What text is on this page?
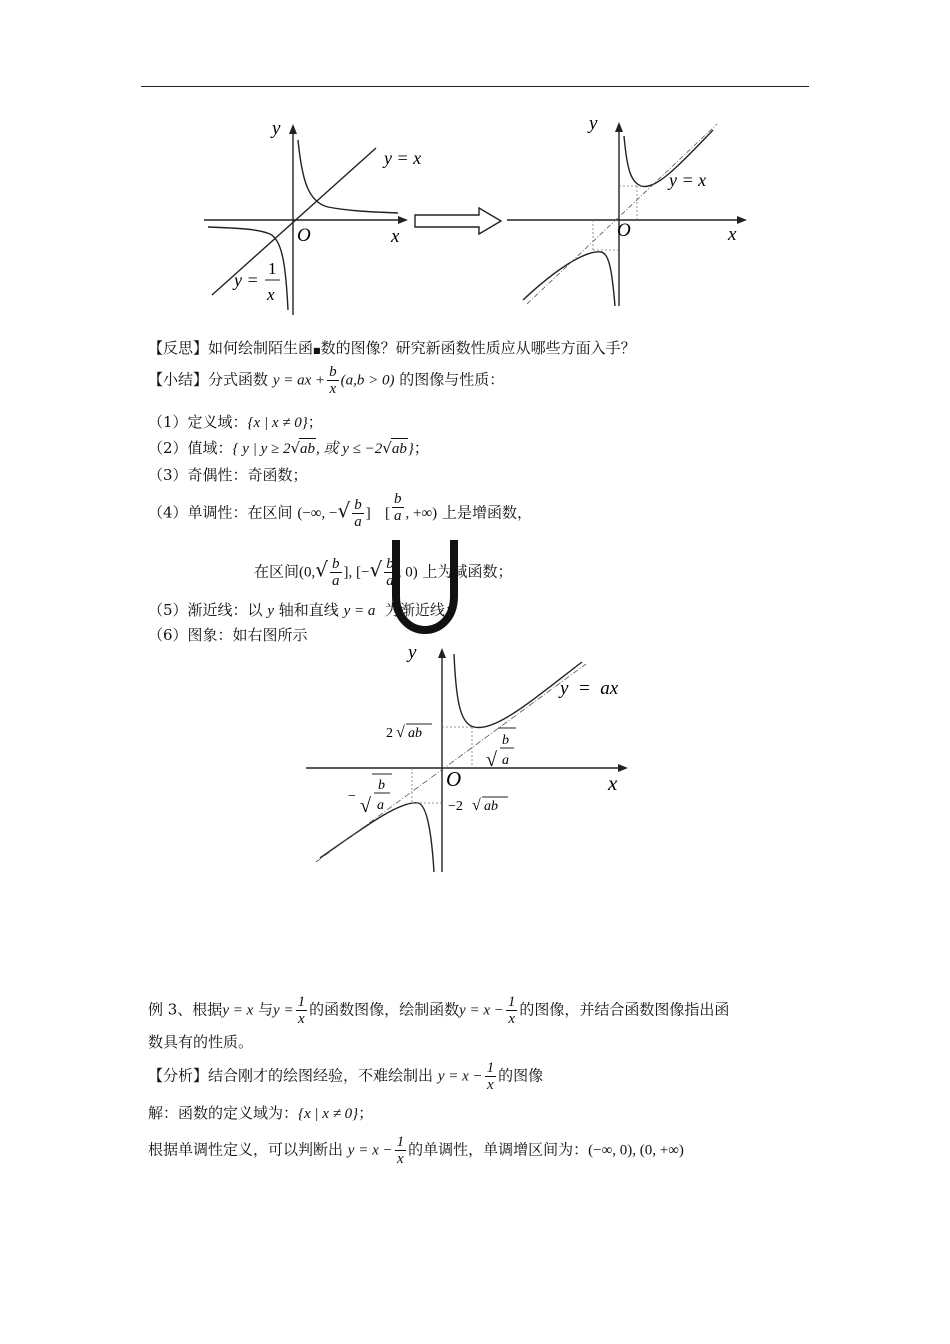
y
x
O
y = x
y =
1
x
y
x
O
y = x
【反思】如何绘制陌生函■数的图像？研究新函数性质应从哪些方面入手？
【小结】分式函数 y = ax + $\frac{b}{x} (a,b > 0)$ 的图像与性质：
（1）定义域：{x | x ≠ 0}；
（2）值域：{ y | y ≥ 2√ab, 或 y ≤ −2√ab}；
（3）奇偶性：奇函数；
（4）单调性：在区间 (−∞, −√ $\frac{b}{a}$ ] [ $\frac{b}{a}$ , +∞) 上是增函数，
在区间($0,√ \frac{b}{a}$ ], [−√ $\frac{b}{a}$ , 0) 上为减函数；
（5）渐近线：以 y 轴和直线 y = a 为渐近线；
（6）图象：如右图所示
y
x
O
y  =  ax
2 √ ab
−2 √ ab
√
b
a
− √
b
a
例 3、根据y = x 与$y = \frac{1}{x}$ 的函数图像，绘制函数$y = x - \frac{1}{x}$ 的图像，并结合函数图像指出函
数具有的性质。
【分析】结合刚才的绘图经验，不难绘制出 $y = x - \frac{1}{x}$ 的图像
解：函数的定义域为：{x | x ≠ 0}；
根据单调性定义，可以判断出 $y = x - \frac{1}{x}$ 的单调性，单调增区间为：(−∞, 0), (0, +∞)
